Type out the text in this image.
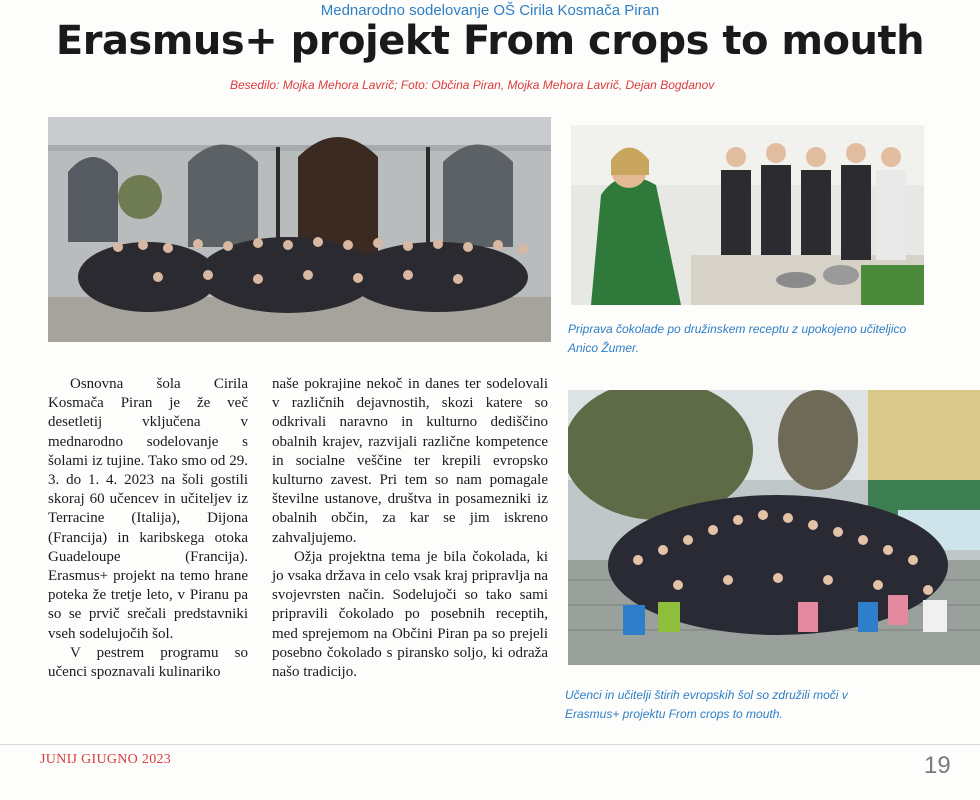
Mednarodno sodelovanje OŠ Cirila Kosmača Piran
Erasmus+ projekt From crops to mouth
Besedilo: Mojka Mehora Lavrič; Foto: Občina Piran, Mojka Mehora Lavrič, Dejan Bogdanov
Priprava čokolade po družinskem receptu z upokojeno učiteljico
Anico Žumer.
Učenci in učitelji štirih evropskih šol so združili moči v
Erasmus+ projektu From crops to mouth.

Osnovna šola Cirila Kosmača Piran je že več desetletij vključena v mednarodno sodelovanje s šolami iz tujine. Tako smo od 29. 3. do 1. 4. 2023 na šoli gostili skoraj 60 učencev in učiteljev iz Terracine (Italija), Dijona (Francija) in karibskega otoka Guadeloupe (Francija). Erasmus+ projekt na temo hrane poteka že tretje leto, v Piranu pa so se prvič srečali predstavniki vseh sodelujočih šol.

V pestrem programu so učenci spoznavali kulinariko

naše pokrajine nekoč in danes ter sodelovali v različnih dejavnostih, skozi katere so odkrivali naravno in kulturno dediščino obalnih krajev, razvijali različne kompetence in socialne veščine ter krepili evropsko kulturno zavest. Pri tem so nam pomagale številne ustanove, društva in posamezniki iz obalnih občin, za kar se jim iskreno zahvaljujemo.

Ožja projektna tema je bila čokolada, ki jo vsaka država in celo vsak kraj pripravlja na svojevrsten način. Sodelujoči so tako sami pripravili čokolado po posebnih receptih, med sprejemom na Občini Piran pa so prejeli posebno čokolado s piransko soljo, ki odraža našo tradicijo.

JUNIJ GIUGNO 2023	19
